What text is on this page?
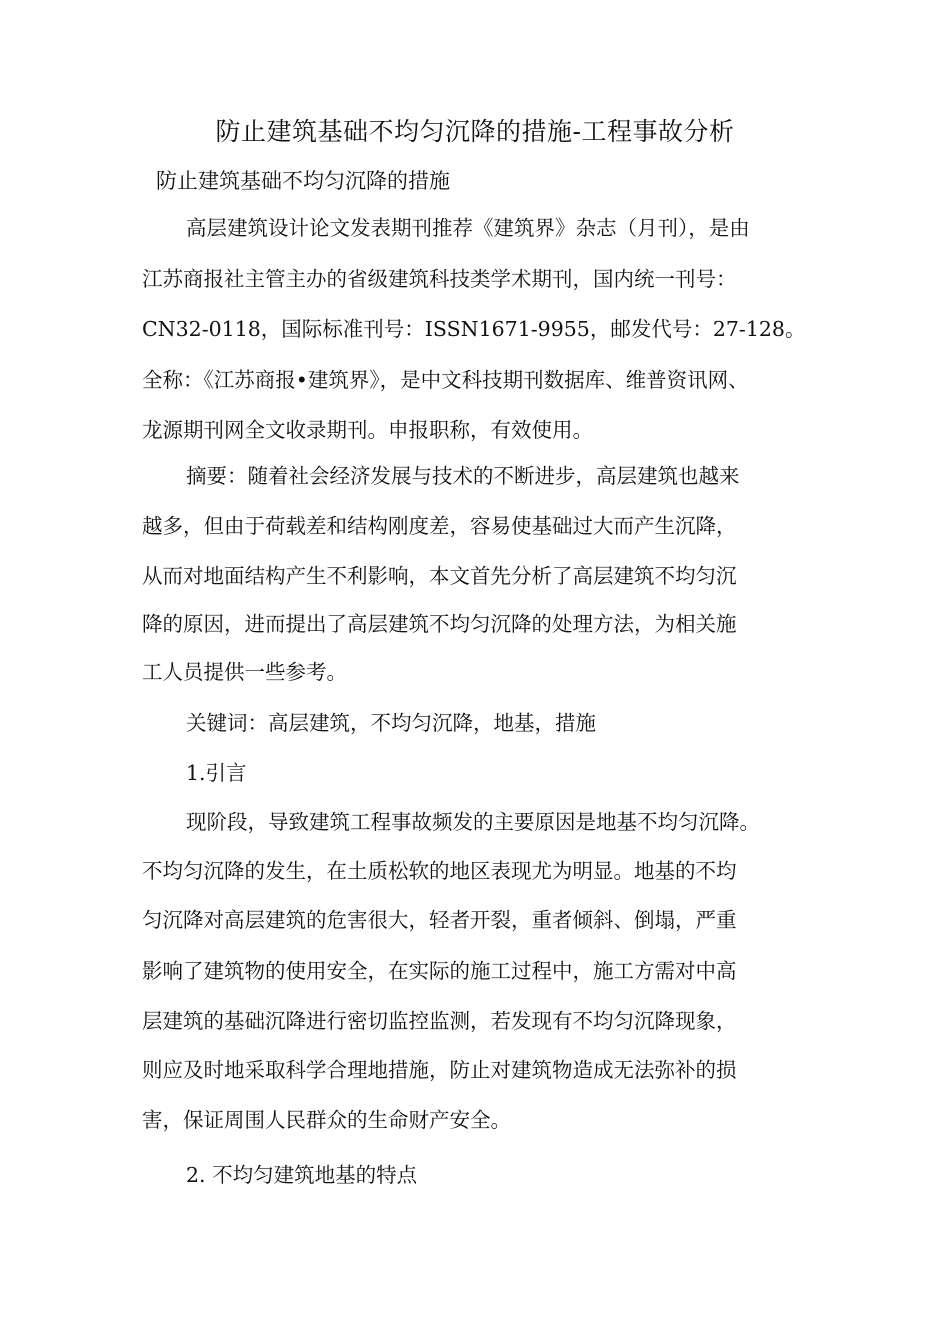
防止建筑基础不均匀沉降的措施-工程事故分析
防止建筑基础不均匀沉降的措施
高层建筑设计论文发表期刊推荐《建筑界》杂志（月刊），是由
江苏商报社主管主办的省级建筑科技类学术期刊，国内统一刊号：
CN32-0118，国际标准刊号：ISSN1671-9955，邮发代号：27-128。
全称：《江苏商报•建筑界》，是中文科技期刊数据库、维普资讯网、
龙源期刊网全文收录期刊。申报职称，有效使用。
摘要：随着社会经济发展与技术的不断进步，高层建筑也越来
越多，但由于荷载差和结构刚度差，容易使基础过大而产生沉降，
从而对地面结构产生不利影响，本文首先分析了高层建筑不均匀沉
降的原因，进而提出了高层建筑不均匀沉降的处理方法，为相关施
工人员提供一些参考。
关键词：高层建筑，不均匀沉降，地基，措施
1.引言
现阶段，导致建筑工程事故频发的主要原因是地基不均匀沉降。
不均匀沉降的发生，在土质松软的地区表现尤为明显。地基的不均
匀沉降对高层建筑的危害很大，轻者开裂，重者倾斜、倒塌，严重
影响了建筑物的使用安全，在实际的施工过程中，施工方需对中高
层建筑的基础沉降进行密切监控监测，若发现有不均匀沉降现象，
则应及时地采取科学合理地措施，防止对建筑物造成无法弥补的损
害，保证周围人民群众的生命财产安全。
2. 不均匀建筑地基的特点
